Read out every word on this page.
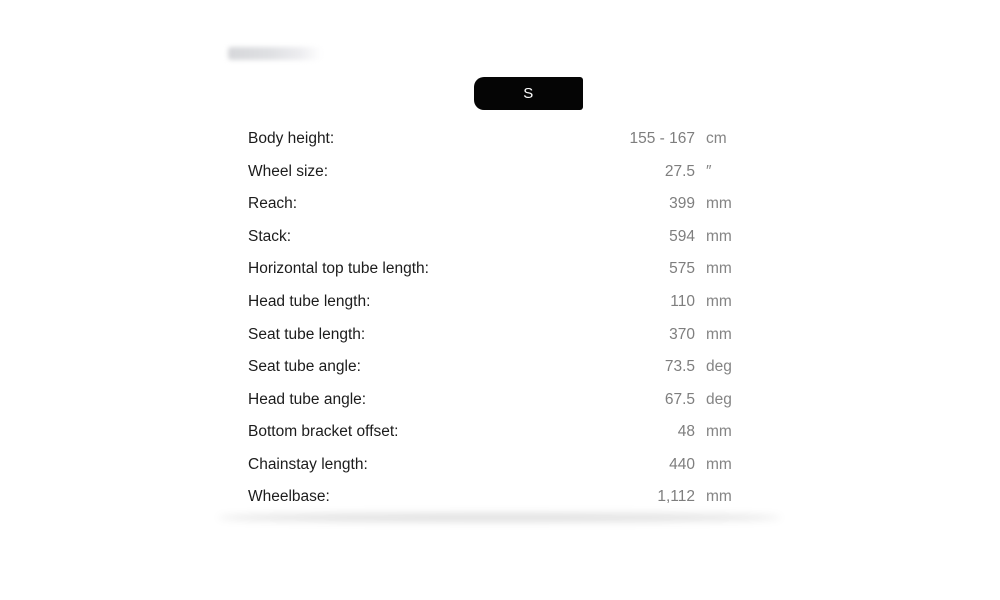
S
Body height:	155 - 167 cm
Wheel size:	27.5 ″
Reach:	399 mm
Stack:	594 mm
Horizontal top tube length:	575 mm
Head tube length:	110 mm
Seat tube length:	370 mm
Seat tube angle:	73.5 deg
Head tube angle:	67.5 deg
Bottom bracket offset:	48 mm
Chainstay length:	440 mm
Wheelbase:	1,112 mm
